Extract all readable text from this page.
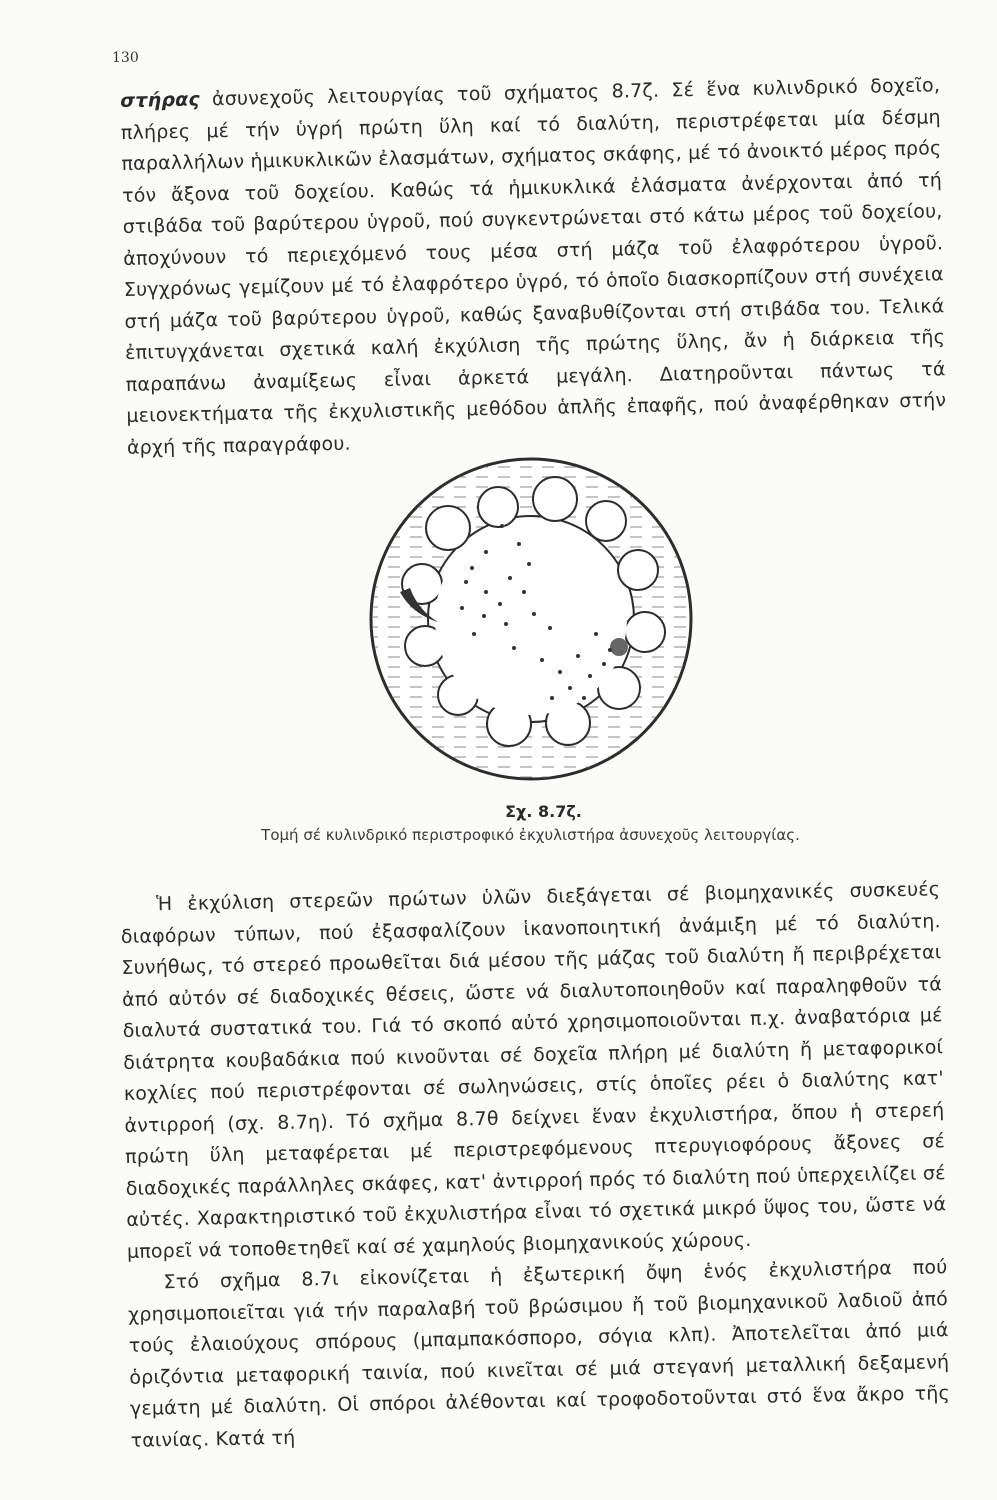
130
στήρας ἀσυνεχοῦς λειτουργίας τοῦ σχήματος 8.7ζ. Σέ ἕνα κυλινδρικό δοχεῖο, πλήρες μέ τήν ὑγρή πρώτη ὕλη καί τό διαλύτη, περιστρέφεται μία δέσμη παραλλήλων ἡμικυκλικῶν ἐλασμάτων, σχήματος σκάφης, μέ τό ἀνοικτό μέρος πρός τόν ἄξονα τοῦ δοχείου. Καθώς τά ἡμικυκλικά ἐλάσματα ἀνέρχονται ἀπό τή στιβάδα τοῦ βαρύτερου ὑγροῦ, πού συγκεντρώνεται στό κάτω μέρος τοῦ δοχείου, ἀποχύνουν τό περιεχόμενό τους μέσα στή μάζα τοῦ ἐλαφρότερου ὑγροῦ. Συγχρόνως γεμίζουν μέ τό ἐλαφρότερο ὑγρό, τό ὁποῖο διασκορπίζουν στή συνέχεια στή μάζα τοῦ βαρύτερου ὑγροῦ, καθώς ξαναβυθίζονται στή στιβάδα του. Τελικά ἐπιτυγχάνεται σχετικά καλή ἐκχύλιση τῆς πρώτης ὕλης, ἄν ἡ διάρκεια τῆς παραπάνω ἀναμίξεως εἶναι ἀρκετά μεγάλη. Διατηροῦνται πάντως τά μειονεκτήματα τῆς ἐκχυλιστικῆς μεθόδου ἁπλῆς ἐπαφῆς, πού ἀναφέρθηκαν στήν ἀρχή τῆς παραγράφου.
Σχ. 8.7ζ.
Τομή σέ κυλινδρικό περιστροφικό ἐκχυλιστήρα ἀσυνεχοῦς λειτουργίας.

Ἡ ἐκχύλιση στερεῶν πρώτων ὑλῶν διεξάγεται σέ βιομηχανικές συσκευές διαφόρων τύπων, πού ἐξασφαλίζουν ἱκανοποιητική ἀνάμιξη μέ τό διαλύτη. Συνήθως, τό στερεό προωθεῖται διά μέσου τῆς μάζας τοῦ διαλύτη ἤ περιβρέχεται ἀπό αὐτόν σέ διαδοχικές θέσεις, ὥστε νά διαλυτοποιηθοῦν καί παραληφθοῦν τά διαλυτά συστατικά του. Γιά τό σκοπό αὐτό χρησιμοποιοῦνται π.χ. ἀναβατόρια μέ διάτρητα κουβαδάκια πού κινοῦνται σέ δοχεῖα πλήρη μέ διαλύτη ἤ μεταφορικοί κοχλίες πού περιστρέφονται σέ σωληνώσεις, στίς ὁποῖες ρέει ὁ διαλύτης κατ' ἀντιρροή (σχ. 8.7η). Τό σχῆμα 8.7θ δείχνει ἕναν ἐκχυλιστήρα, ὅπου ἡ στερεή πρώτη ὕλη μεταφέρεται μέ περιστρεφόμενους πτερυγιοφόρους ἄξονες σέ διαδοχικές παράλληλες σκάφες, κατ' ἀντιρροή πρός τό διαλύτη πού ὑπερχειλίζει σέ αὐτές. Χαρακτηριστικό τοῦ ἐκχυλιστήρα εἶναι τό σχετικά μικρό ὕψος του, ὥστε νά μπορεῖ νά τοποθετηθεῖ καί σέ χαμηλούς βιομηχανικούς χώρους.

Στό σχῆμα 8.7ι εἰκονίζεται ἡ ἐξωτερική ὄψη ἑνός ἐκχυλιστήρα πού χρησιμοποιεῖται γιά τήν παραλαβή τοῦ βρώσιμου ἤ τοῦ βιομηχανικοῦ λαδιοῦ ἀπό τούς ἐλαιούχους σπόρους (μπαμπακόσπορο, σόγια κλπ). Ἀποτελεῖται ἀπό μιά ὁριζόντια μεταφορική ταινία, πού κινεῖται σέ μιά στεγανή μεταλλική δεξαμενή γεμάτη μέ διαλύτη. Οἱ σπόροι ἀλέθονται καί τροφοδοτοῦνται στό ἕνα ἄκρο τῆς ταινίας. Κατά τή
